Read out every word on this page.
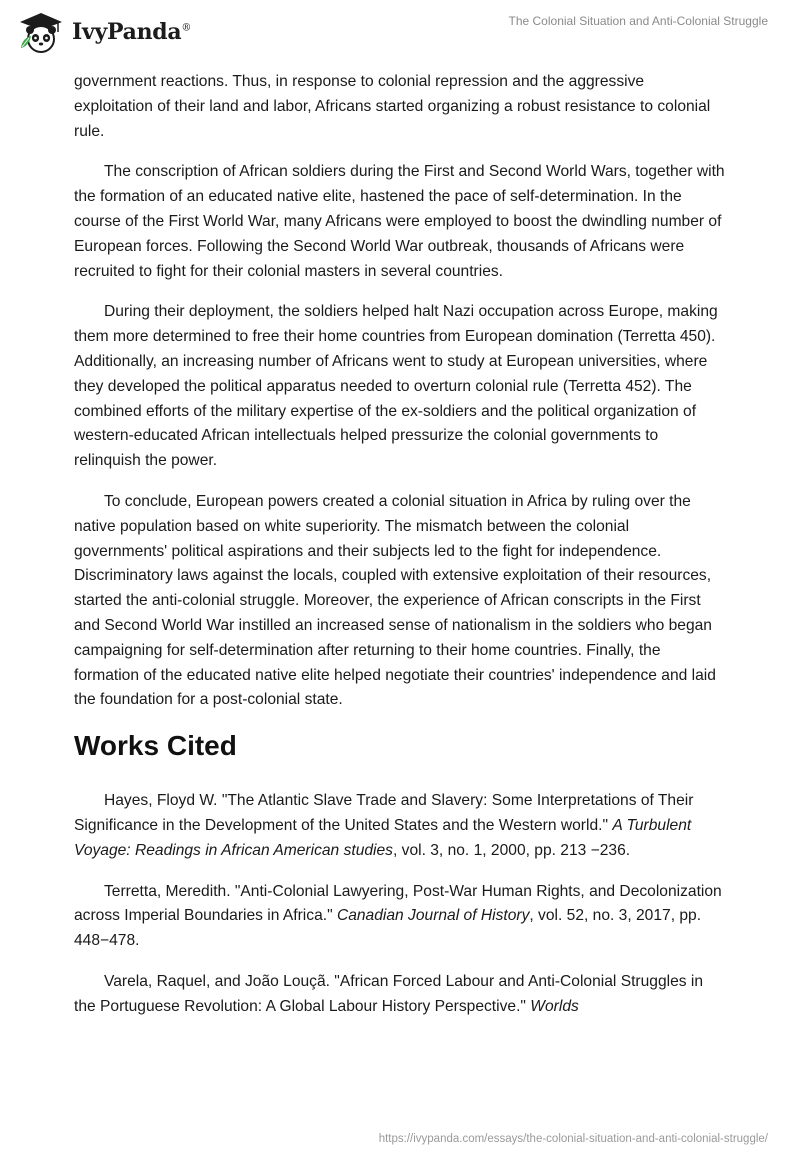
IvyPanda®
The Colonial Situation and Anti-Colonial Struggle

government reactions. Thus, in response to colonial repression and the aggressive exploitation of their land and labor, Africans started organizing a robust resistance to colonial rule.

The conscription of African soldiers during the First and Second World Wars, together with the formation of an educated native elite, hastened the pace of self-determination. In the course of the First World War, many Africans were employed to boost the dwindling number of European forces. Following the Second World War outbreak, thousands of Africans were recruited to fight for their colonial masters in several countries.

During their deployment, the soldiers helped halt Nazi occupation across Europe, making them more determined to free their home countries from European domination (Terretta 450). Additionally, an increasing number of Africans went to study at European universities, where they developed the political apparatus needed to overturn colonial rule (Terretta 452). The combined efforts of the military expertise of the ex-soldiers and the political organization of western-educated African intellectuals helped pressurize the colonial governments to relinquish the power.

To conclude, European powers created a colonial situation in Africa by ruling over the native population based on white superiority. The mismatch between the colonial governments' political aspirations and their subjects led to the fight for independence. Discriminatory laws against the locals, coupled with extensive exploitation of their resources, started the anti-colonial struggle. Moreover, the experience of African conscripts in the First and Second World War instilled an increased sense of nationalism in the soldiers who began campaigning for self-determination after returning to their home countries. Finally, the formation of the educated native elite helped negotiate their countries' independence and laid the foundation for a post-colonial state.

Works Cited

Hayes, Floyd W. "The Atlantic Slave Trade and Slavery: Some Interpretations of Their Significance in the Development of the United States and the Western world." A Turbulent Voyage: Readings in African American studies, vol. 3, no. 1, 2000, pp. 213 −236.

Terretta, Meredith. "Anti-Colonial Lawyering, Post-War Human Rights, and Decolonization across Imperial Boundaries in Africa." Canadian Journal of History, vol. 52, no. 3, 2017, pp. 448−478.

Varela, Raquel, and João Louçã. "African Forced Labour and Anti-Colonial Struggles in the Portuguese Revolution: A Global Labour History Perspective." Worlds

https://ivypanda.com/essays/the-colonial-situation-and-anti-colonial-struggle/
